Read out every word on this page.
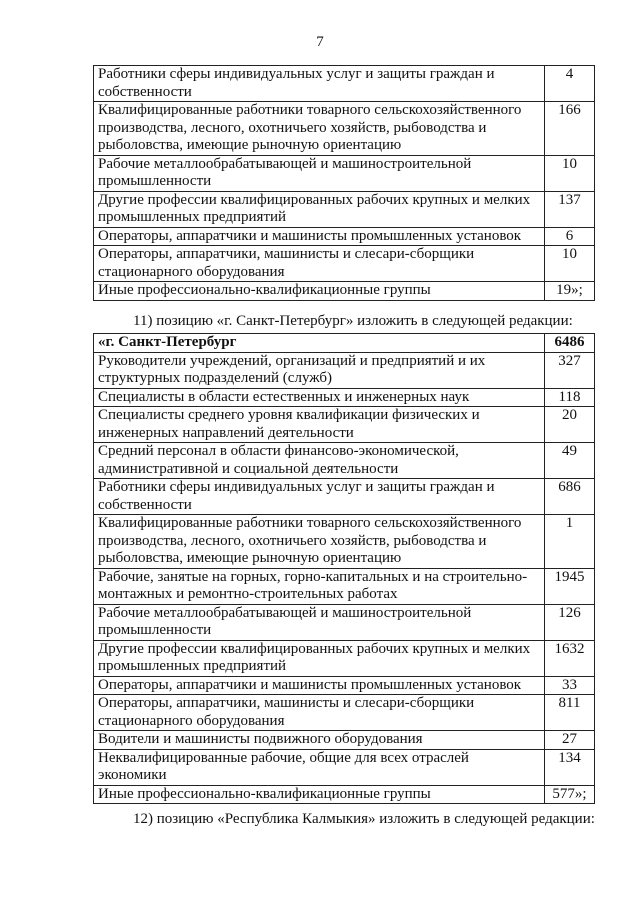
7
Работники сферы индивидуальных услуг и защиты граждан и собственности	4
Квалифицированные работники товарного сельскохозяйственного производства, лесного, охотничьего хозяйств, рыбоводства и рыболовства, имеющие рыночную ориентацию	166
Рабочие металлообрабатывающей и машиностроительной промышленности	10
Другие профессии квалифицированных рабочих крупных и мелких промышленных предприятий	137
Операторы, аппаратчики и машинисты промышленных установок	6
Операторы, аппаратчики, машинисты и слесари-сборщики стационарного оборудования	10
Иные профессионально-квалификационные группы	19»;
11) позицию «г. Санкт-Петербург» изложить в следующей редакции:
«г. Санкт-Петербург	6486
Руководители учреждений, организаций и предприятий и их структурных подразделений (служб)	327
Специалисты в области естественных и инженерных наук	118
Специалисты среднего уровня квалификации физических и инженерных направлений деятельности	20
Средний персонал в области финансово-экономической, административной и социальной деятельности	49
Работники сферы индивидуальных услуг и защиты граждан и собственности	686
Квалифицированные работники товарного сельскохозяйственного производства, лесного, охотничьего хозяйств, рыбоводства и рыболовства, имеющие рыночную ориентацию	1
Рабочие, занятые на горных, горно-капитальных и на строительно-монтажных и ремонтно-строительных работах	1945
Рабочие металлообрабатывающей и машиностроительной промышленности	126
Другие профессии квалифицированных рабочих крупных и мелких промышленных предприятий	1632
Операторы, аппаратчики и машинисты промышленных установок	33
Операторы, аппаратчики, машинисты и слесари-сборщики стационарного оборудования	811
Водители и машинисты подвижного оборудования	27
Неквалифицированные рабочие, общие для всех отраслей экономики	134
Иные профессионально-квалификационные группы	577»;
12) позицию «Республика Калмыкия» изложить в следующей редакции:
